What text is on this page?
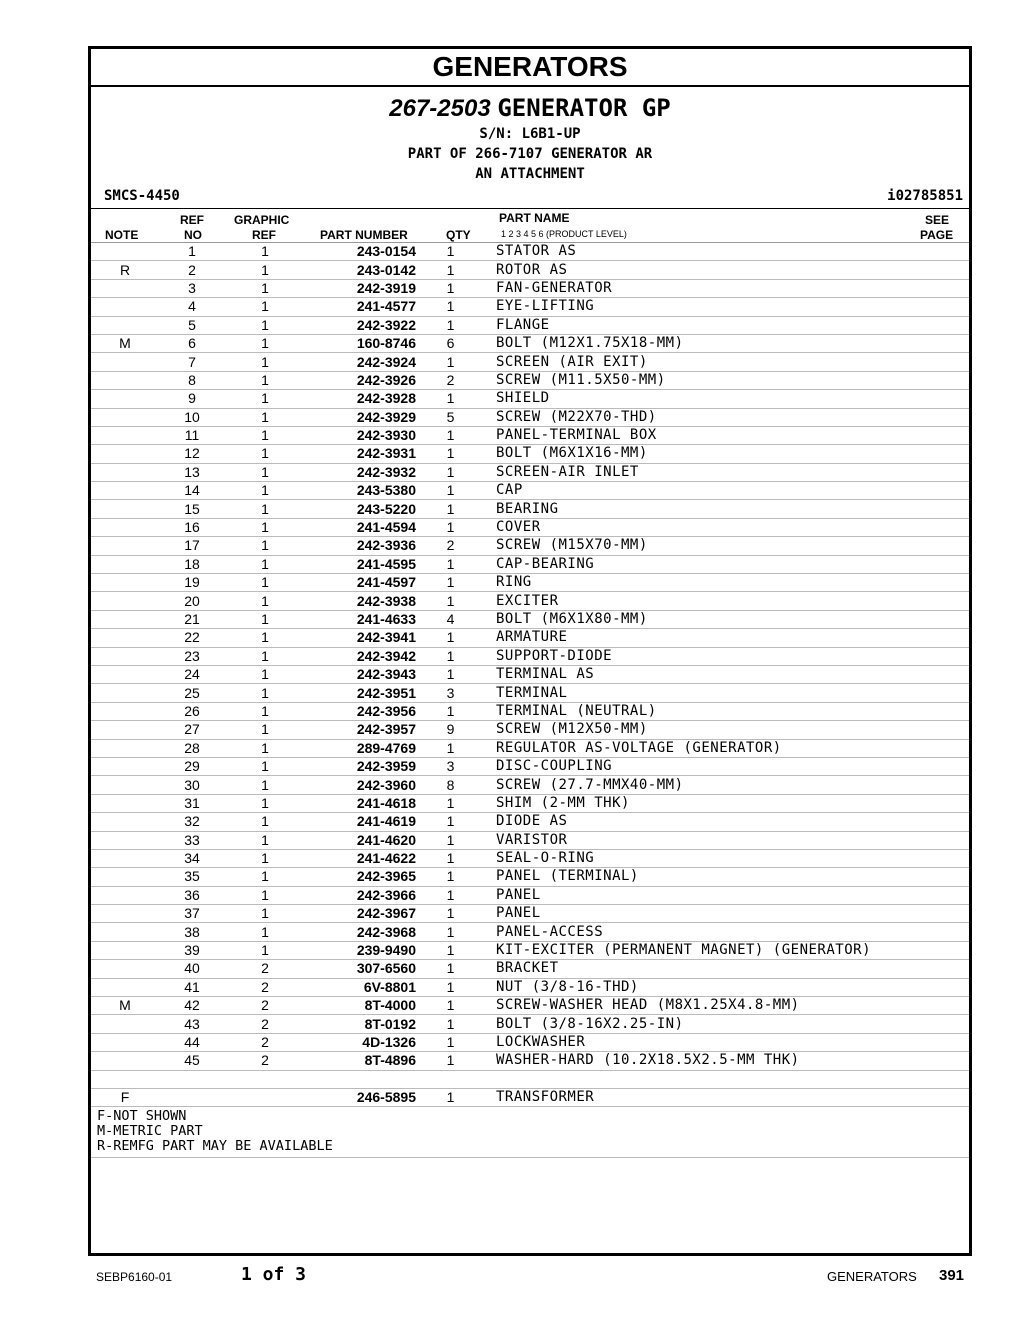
GENERATORS
267-2503 GENERATOR GP
S/N: L6B1-UP
PART OF 266-7107 GENERATOR AR
AN ATTACHMENT
SMCS-4450	i02785851
NOTE
REF
NO
GRAPHIC
REF	PART NUMBER	QTY
PART NAME
1 2 3 4 5 6 (PRODUCT LEVEL)
SEE
PAGE
	1	1	243-0154	1	STATOR AS
R	2	1	243-0142	1	ROTOR AS
	3	1	242-3919	1	FAN-GENERATOR
	4	1	241-4577	1	EYE-LIFTING
	5	1	242-3922	1	FLANGE
M	6	1	160-8746	6	BOLT (M12X1.75X18-MM)
	7	1	242-3924	1	SCREEN (AIR EXIT)
	8	1	242-3926	2	SCREW (M11.5X50-MM)
	9	1	242-3928	1	SHIELD
	10	1	242-3929	5	SCREW (M22X70-THD)
	11	1	242-3930	1	PANEL-TERMINAL BOX
	12	1	242-3931	1	BOLT (M6X1X16-MM)
	13	1	242-3932	1	SCREEN-AIR INLET
	14	1	243-5380	1	CAP
	15	1	243-5220	1	BEARING
	16	1	241-4594	1	COVER
	17	1	242-3936	2	SCREW (M15X70-MM)
	18	1	241-4595	1	CAP-BEARING
	19	1	241-4597	1	RING
	20	1	242-3938	1	EXCITER
	21	1	241-4633	4	BOLT (M6X1X80-MM)
	22	1	242-3941	1	ARMATURE
	23	1	242-3942	1	SUPPORT-DIODE
	24	1	242-3943	1	TERMINAL AS
	25	1	242-3951	3	TERMINAL
	26	1	242-3956	1	TERMINAL (NEUTRAL)
	27	1	242-3957	9	SCREW (M12X50-MM)
	28	1	289-4769	1	REGULATOR AS-VOLTAGE (GENERATOR)
	29	1	242-3959	3	DISC-COUPLING
	30	1	242-3960	8	SCREW (27.7-MMX40-MM)
	31	1	241-4618	1	SHIM (2-MM THK)
	32	1	241-4619	1	DIODE AS
	33	1	241-4620	1	VARISTOR
	34	1	241-4622	1	SEAL-O-RING
	35	1	242-3965	1	PANEL (TERMINAL)
	36	1	242-3966	1	PANEL
	37	1	242-3967	1	PANEL
	38	1	242-3968	1	PANEL-ACCESS
	39	1	239-9490	1	KIT-EXCITER (PERMANENT MAGNET) (GENERATOR)
	40	2	307-6560	1	BRACKET
	41	2	6V-8801	1	NUT (3/8-16-THD)
M	42	2	8T-4000	1	SCREW-WASHER HEAD (M8X1.25X4.8-MM)
	43	2	8T-0192	1	BOLT (3/8-16X2.25-IN)
	44	2	4D-1326	1	LOCKWASHER
	45	2	8T-4896	1	WASHER-HARD (10.2X18.5X2.5-MM THK)

F			246-5895	1	TRANSFORMER
F-NOT SHOWN
M-METRIC PART
R-REMFG PART MAY BE AVAILABLE
SEBP6160-01	1 of 3	GENERATORS 391
